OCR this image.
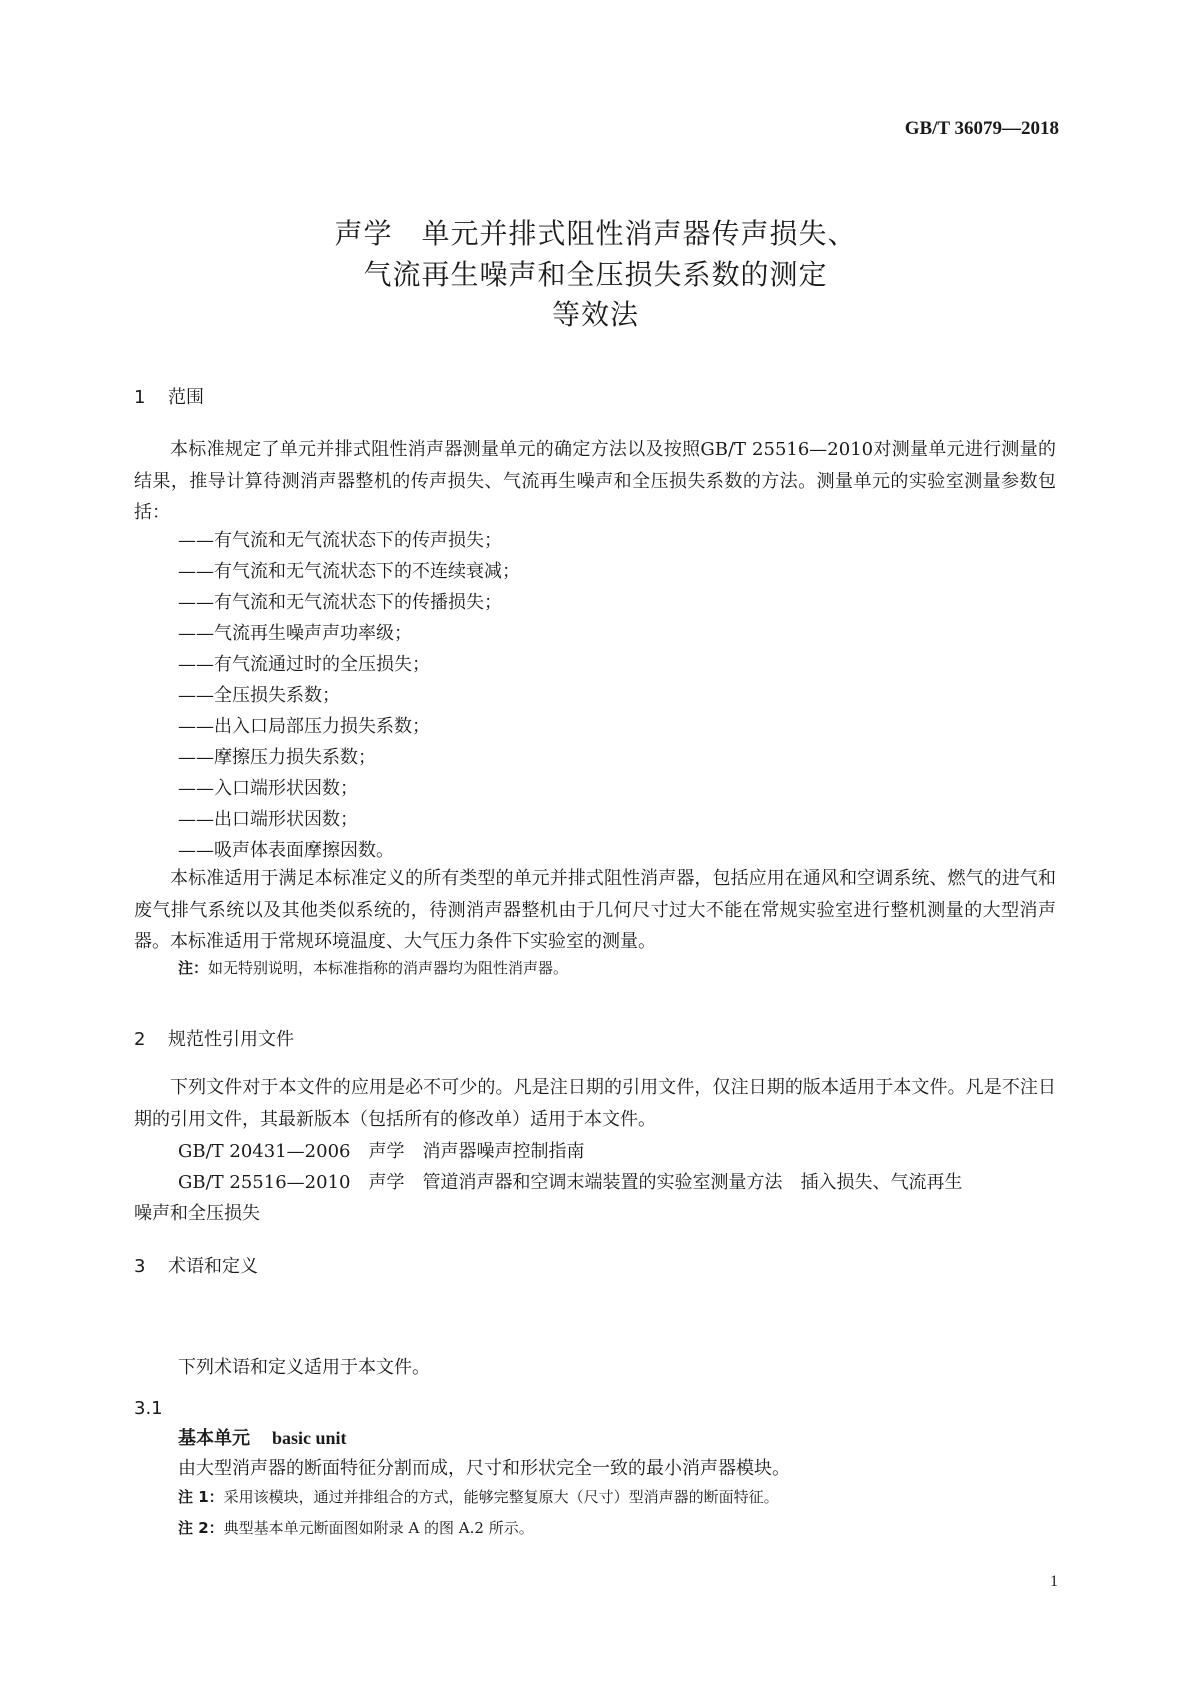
GB/T 36079—2018
声学　单元并排式阻性消声器传声损失、
气流再生噪声和全压损失系数的测定
等效法
1 范围
本标准规定了单元并排式阻性消声器测量单元的确定方法以及按照GB/T 25516—2010对测量单元进行测量的结果，推导计算待测消声器整机的传声损失、气流再生噪声和全压损失系数的方法。测量单元的实验室测量参数包括：
——有气流和无气流状态下的传声损失；
——有气流和无气流状态下的不连续衰减；
——有气流和无气流状态下的传播损失；
——气流再生噪声声功率级；
——有气流通过时的全压损失；
——全压损失系数；
——出入口局部压力损失系数；
——摩擦压力损失系数；
——入口端形状因数；
——出口端形状因数；
——吸声体表面摩擦因数。
本标准适用于满足本标准定义的所有类型的单元并排式阻性消声器，包括应用在通风和空调系统、燃气的进气和废气排气系统以及其他类似系统的，待测消声器整机由于几何尺寸过大不能在常规实验室进行整机测量的大型消声器。本标准适用于常规环境温度、大气压力条件下实验室的测量。
注：如无特别说明，本标准指称的消声器均为阻性消声器。
2 规范性引用文件
下列文件对于本文件的应用是必不可少的。凡是注日期的引用文件，仅注日期的版本适用于本文件。凡是不注日期的引用文件，其最新版本（包括所有的修改单）适用于本文件。
GB/T 20431—2006　声学　消声器噪声控制指南
GB/T 25516—2010　声学　管道消声器和空调末端装置的实验室测量方法　插入损失、气流再生
噪声和全压损失
3 术语和定义
下列术语和定义适用于本文件。
3.1
基本单元 basic unit
由大型消声器的断面特征分割而成，尺寸和形状完全一致的最小消声器模块。
注 1：采用该模块，通过并排组合的方式，能够完整复原大（尺寸）型消声器的断面特征。
注 2：典型基本单元断面图如附录 A 的图 A.2 所示。
1
